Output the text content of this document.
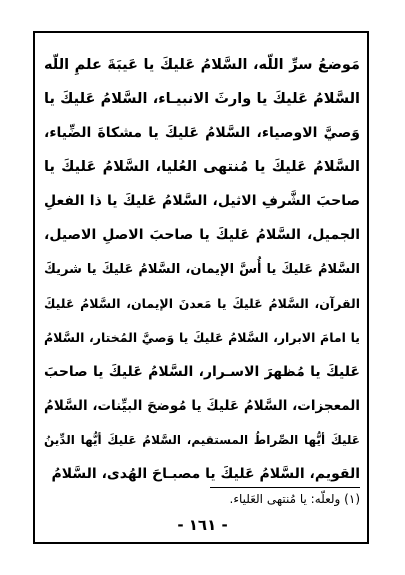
مَوضعُ سرِّ اللّه، السَّلامُ عَليكَ يا عَيبَةَ علمِ اللّه
السَّلامُ عَليكَ يا وارثَ الانبيـاء، السَّلامُ عَليكَ يا
وَصيَّ الاوصياء، السَّلامُ عَليكَ يا مشكاةَ الضِّياء،
السَّلامُ عَليكَ يا مُنتهى العُليا، السَّلامُ عَليكَ يا
صاحبَ الشَّرفِ الاثيل، السَّلامُ عَليكَ يا ذا الفعلِ
الجميل، السَّلامُ عَليكَ يا صاحبَ الاصلِ الاصيل،
السَّلامُ عَليكَ يا أُسَّ الإيمان، السَّلامُ عَليكَ يا شريكَ
القرآن، السَّلامُ عَليكَ يا مَعدنَ الإيمان، السَّلامُ عَليكَ
يا امامَ الابرار، السَّلامُ عَليكَ يا وَصيَّ المُختار، السَّلامُ
عَليكَ يا مُظهرَ الاسـرار، السَّلامُ عَليكَ يا صاحبَ
المعجزات، السَّلامُ عَليكَ يا مُوضحَ البيِّنات، السَّلامُ
عَليكَ أيُّها الصِّراطُ المستقيم، السَّلامُ عَليكَ أيُّها الدِّينُ
القويم، السَّلامُ عَليكَ يا مصبـاحَ الهُدى، السَّلامُ
(١) ولعلّه: يا مُنتهى العَلياء.
- ١٦١ -
